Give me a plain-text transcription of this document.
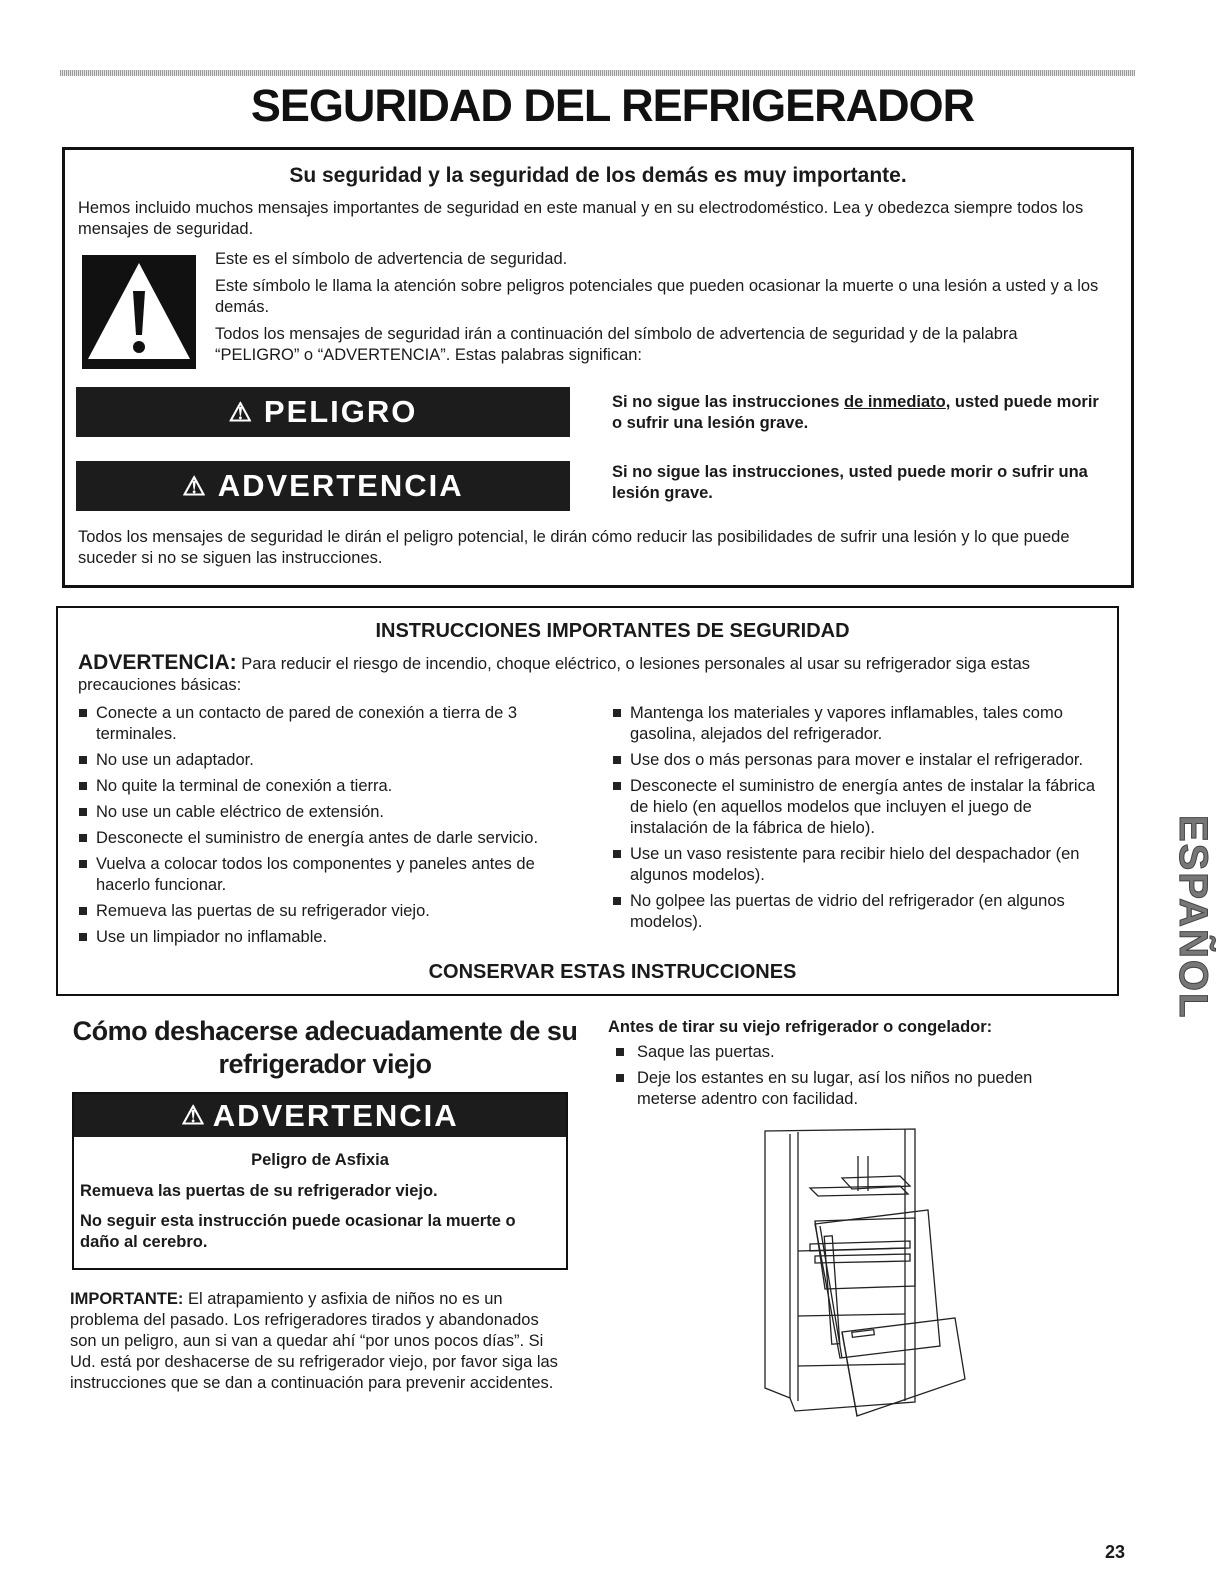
SEGURIDAD DEL REFRIGERADOR
Su seguridad y la seguridad de los demás es muy importante.
Hemos incluido muchos mensajes importantes de seguridad en este manual y en su electrodoméstico. Lea y obedezca siempre todos los mensajes de seguridad.
Este es el símbolo de advertencia de seguridad.
Este símbolo le llama la atención sobre peligros potenciales que pueden ocasionar la muerte o una lesión a usted y a los demás.
Todos los mensajes de seguridad irán a continuación del símbolo de advertencia de seguridad y de la palabra “PELIGRO” o “ADVERTENCIA”. Estas palabras significan:
⚠ PELIGRO	Si no sigue las instrucciones de inmediato, usted puede morir o sufrir una lesión grave.
⚠ ADVERTENCIA	Si no sigue las instrucciones, usted puede morir o sufrir una lesión grave.
Todos los mensajes de seguridad le dirán el peligro potencial, le dirán cómo reducir las posibilidades de sufrir una lesión y lo que puede suceder si no se siguen las instrucciones.
INSTRUCCIONES IMPORTANTES DE SEGURIDAD
ADVERTENCIA: Para reducir el riesgo de incendio, choque eléctrico, o lesiones personales al usar su refrigerador siga estas precauciones básicas:
Conecte a un contacto de pared de conexión a tierra de 3 terminales.
No use un adaptador.
No quite la terminal de conexión a tierra.
No use un cable eléctrico de extensión.
Desconecte el suministro de energía antes de darle servicio.
Vuelva a colocar todos los componentes y paneles antes de hacerlo funcionar.
Remueva las puertas de su refrigerador viejo.
Use un limpiador no inflamable.
Mantenga los materiales y vapores inflamables, tales como gasolina, alejados del refrigerador.
Use dos o más personas para mover e instalar el refrigerador.
Desconecte el suministro de energía antes de instalar la fábrica de hielo (en aquellos modelos que incluyen el juego de instalación de la fábrica de hielo).
Use un vaso resistente para recibir hielo del despachador (en algunos modelos).
No golpee las puertas de vidrio del refrigerador (en algunos modelos).
CONSERVAR ESTAS INSTRUCCIONES
Cómo deshacerse adecuadamente de su refrigerador viejo
⚠ ADVERTENCIA
Peligro de Asfixia
Remueva las puertas de su refrigerador viejo.
No seguir esta instrucción puede ocasionar la muerte o daño al cerebro.
IMPORTANTE: El atrapamiento y asfixia de niños no es un problema del pasado. Los refrigeradores tirados y abandonados son un peligro, aun si van a quedar ahí “por unos pocos días”. Si Ud. está por deshacerse de su refrigerador viejo, por favor siga las instrucciones que se dan a continuación para prevenir accidentes.
Antes de tirar su viejo refrigerador o congelador:
Saque las puertas.
Deje los estantes en su lugar, así los niños no pueden meterse adentro con facilidad.
ESPAÑOL
23
